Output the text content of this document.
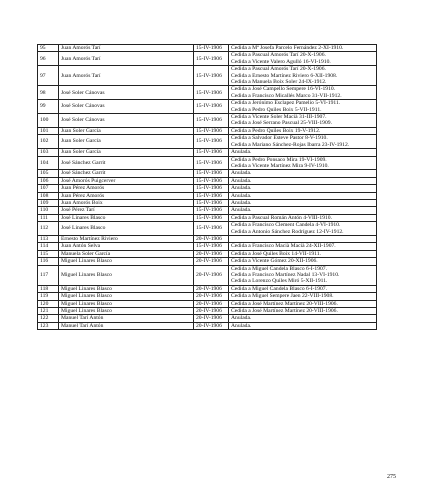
95	Juan Amorós Tarí	15-IV-1906	Cedida a Mª Josefa Parcelo Fernández 2-XI-1910.

96	Juan Amorós Tarí	15-IV-1906	Cedida a Pascual Amorós Tarí 20-X-1906.
Cedida a Vicente Valero Agulló 16-VI-1910.

97	Juan Amorós Tarí	15-IV-1906	Cedida a Pascual Amorós Tarí 20-X-1906.
Cedida a Ernesto Martínez Riviero 6-XII-1908.
Cedida a Manuela Boix Soler 24-IX-1912.

98	José Soler Cánovas	15-IV-1906	Cedida a José Campello Sempere 16-VI-1910.
Cedida a Francisco Micallés Marco 31-VII-1912.

99	José Soler Cánovas	15-IV-1906	Cedida a Jerónimo Esclapez Pamelio 5-VI-1911.
Cedida a Pedro Quiles Boix 5-VII-1911.

100	José Soler Cánovas	15-IV-1906	Cedida a Vicente Soler Macià 31-III-1907.
Cedida a José Serrano Pascual 25-VIII-1909.

101	Juan Soler García	15-IV-1906	Cedida a Pedro Quiles Boix 19-V-1912.

102	Juan Soler García	15-IV-1906	Cedida a Salvador Esteve Pastor 8-V-1910.
Cedida a Mariano Sánchez-Rojas Ibarra 23-IV-1912.

103	Juan Soler García	15-IV-1906	Anulada.

104	José Sánchez Garrit	15-IV-1906	Cedida a Pedro Ponsaco Mira 19-VI-1909.
Cedida a Vicente Martínez Mira 9-IV-1910.

105	José Sánchez Garrit	15-IV-1906	Anulada.

106	José Amorós Puigcerver	15-IV-1906	Anulada.

107	Juan Pérez Amorós	15-IV-1906	Anulada.

108	Juan Pérez Amorós	15-IV-1906	Anulada.

109	Juan Amorós Boix	15-IV-1906	Anulada.

110	José Pérez Tarí	15-IV-1906	Anulada.

111	José Linares Blasco	15-IV-1906	Cedida a Pascual Román Antón 4-VIII-1910.

112	José Linares Blasco	15-IV-1906	Cedida a Francisco Clement Candela 4-VI-1910.
Cedida a Antonio Sánchez Rodríguez 12-IV-1912.

113	Ernesto Martínez Riviero	20-IV-1906	

114	Juan Antón Selva	15-IV-1906	Cedida a Francisco Macià Macià 24-XII-1907.

115	Manuela Soler García	20-IV-1906	Cedida a José Quiles Boix 14-VII-1911.

116	Miguel Linares Blasco	20-IV-1906	Cedida a Vicente Gómez 20-XII-1906.

117	Miguel Linares Blasco	20-IV-1906	Cedida a Miguel Candela Blasco 6-I-1907.
Cedida a Francisco Martínez Nadal 13-VI-1910.
Cedida a Lorenzo Quiles Miró 5-XII-1911.

118	Miguel Linares Blasco	20-IV-1906	Cedida a Miguel Candela Blasco 6-I-1907.

119	Miguel Linares Blasco	20-IV-1906	Cedida a Miguel Sempere Jaen 22-VIII-1908.

120	Miguel Linares Blasco	20-IV-1906	Cedida a José Martínez Martínez 20-VIII-1906.

121	Miguel Linares Blasco	20-IV-1906	Cedida a José Martínez Martínez 20-VIII-1906.

122	Manuel Tarí Antón	20-IV-1906	Anulada.

123	Manuel Tarí Antón	20-IV-1906	Anulada.
275
